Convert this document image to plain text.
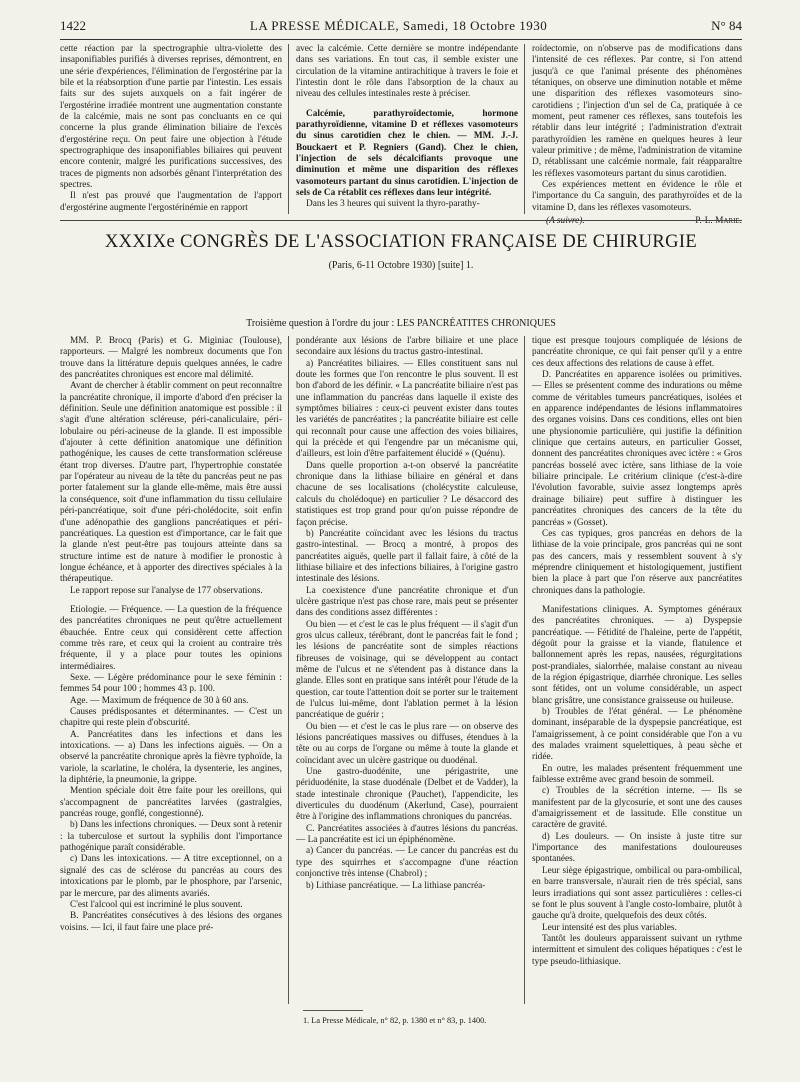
1422	LA PRESSE MÉDICALE, Samedi, 18 Octobre 1930	N° 84

cette réaction par la spectrographie ultra-violette des insaponifiables purifiés à diverses reprises, démontrent, en une série d'expériences, l'élimination de l'ergostérine par la bile et la réabsorption d'une partie par l'intestin. Les essais faits sur des sujets auxquels on a fait ingérer de l'ergostérine irradiée montrent une augmentation constante de la calcémie, mais ne sont pas concluants en ce qui concerne la plus grande élimination biliaire de l'excès d'ergostérine reçu. On peut faire une objection à l'étude spectrographique des insaponifiables biliaires qui peuvent encore contenir, malgré les purifications successives, des traces de pigments non adsorbés gênant l'interprétation des spectres.

Il n'est pas prouvé que l'augmentation de l'apport d'ergostérine augmente l'ergostérinémie en rapport

avec la calcémie. Cette dernière se montre indépendante dans ses variations. En tout cas, il semble exister une circulation de la vitamine antirachitique à travers le foie et l'intestin dont le rôle dans l'absorption de la chaux au niveau des cellules intestinales reste à préciser.

Calcémie, parathyroïdectomie, hormone parathyroïdienne, vitamine D et réflexes vasomoteurs du sinus carotidien chez le chien. — MM. J.-J. Bouckaert et P. Regniers (Gand). Chez le chien, l'injection de sels décalcifiants provoque une diminution et même une disparition des réflexes vasomoteurs partant du sinus carotidien. L'injection de sels de Ca rétablit ces réflexes dans leur intégrité.

Dans les 3 heures qui suivent la thyro-parathy-

roïdectomie, on n'observe pas de modifications dans l'intensité de ces réflexes. Par contre, si l'on attend jusqu'à ce que l'animal présente des phénomènes tétaniques, on observe une diminution notable et même une disparition des réflexes vasomoteurs sino-carotidiens ; l'injection d'un sel de Ca, pratiquée à ce moment, peut ramener ces réflexes, sans toutefois les rétablir dans leur intégrité ; l'administration d'extrait parathyroïdien les ramène en quelques heures à leur valeur primitive ; de même, l'administration de vitamine D, rétablissant une calcémie normale, fait réapparaître les réflexes vasomoteurs partant du sinus carotidien.

Ces expériences mettent en évidence le rôle et l'importance du Ca sanguin, des parathyroïdes et de la vitamine D, dans les réflexes vasomoteurs.

(A suivre).	P.-L. Marie.

XXXIXe CONGRÈS DE L'ASSOCIATION FRANÇAISE DE CHIRURGIE
(Paris, 6-11 Octobre 1930) [suite] 1.
Troisième question à l'ordre du jour : LES PANCRÉATITES CHRONIQUES

MM. P. Brocq (Paris) et G. Miginiac (Toulouse), rapporteurs. — Malgré les nombreux documents que l'on trouve dans la littérature depuis quelques années, le cadre des pancréatites chroniques est encore mal délimité.

Avant de chercher à établir comment on peut reconnaître la pancréatite chronique, il importe d'abord d'en préciser la définition. Seule une définition anatomique est possible : il s'agit d'une altération scléreuse, péri-canaliculaire, péri-lobulaire ou péri-acineuse de la glande. Il est impossible d'ajouter à cette définition anatomique une définition pathogénique, les causes de cette transformation scléreuse étant trop diverses. D'autre part, l'hypertrophie constatée par l'opérateur au niveau de la tête du pancréas peut ne pas porter fatalement sur la glande elle-même, mais être aussi la conséquence, soit d'une inflammation du tissu cellulaire péri-pancréatique, soit d'une péri-cholédocite, soit enfin d'une adénopathie des ganglions pancréatiques et péri-pancréatiques. La question est d'importance, car le fait que la glande n'est peut-être pas toujours atteinte dans sa structure intime est de nature à modifier le pronostic à longue échéance, et à apporter des directives spéciales à la thérapeutique.

Le rapport repose sur l'analyse de 177 observations.

Etiologie. — Fréquence. — La question de la fréquence des pancréatites chroniques ne peut qu'être actuellement ébauchée. Entre ceux qui considèrent cette affection comme très rare, et ceux qui la croient au contraire très fréquente, il y a place pour toutes les opinions intermédiaires.

Sexe. — Légère prédominance pour le sexe féminin : femmes 54 pour 100 ; hommes 43 p. 100.

Age. — Maximum de fréquence de 30 à 60 ans.

Causes prédisposantes et déterminantes. — C'est un chapitre qui reste plein d'obscurité.

A. Pancréatites dans les infections et dans les intoxications. — a) Dans les infections aiguës. — On a observé la pancréatite chronique après la fièvre typhoïde, la variole, la scarlatine, le choléra, la dysenterie, les angines, la diphtérie, la pneumonie, la grippe.

Mention spéciale doit être faite pour les oreillons, qui s'accompagnent de pancréatites larvées (gastralgies, pancréas rouge, gonflé, congestionné).

b) Dans les infections chroniques. — Deux sont à retenir : la tuberculose et surtout la syphilis dont l'importance pathogénique paraît considérable.

c) Dans les intoxications. — A titre exceptionnel, on a signalé des cas de sclérose du pancréas au cours des intoxications par le plomb, par le phosphore, par l'arsenic, par le mercure, par des aliments avariés.

C'est l'alcool qui est incriminé le plus souvent.

B. Pancréatites consécutives à des lésions des organes voisins. — Ici, il faut faire une place pré-

pondérante aux lésions de l'arbre biliaire et une place secondaire aux lésions du tractus gastro-intestinal.

a) Pancréatites biliaires. — Elles constituent sans nul doute les formes que l'on rencontre le plus souvent. Il est bon d'abord de les définir. « La pancréatite biliaire n'est pas une inflammation du pancréas dans laquelle il existe des symptômes biliaires : ceux-ci peuvent exister dans toutes les variétés de pancréatites ; la pancréatite biliaire est celle qui reconnaît pour cause une affection des voies biliaires, qui la précède et qui l'engendre par un mécanisme qui, d'ailleurs, est loin d'être parfaitement élucidé » (Quénu).

Dans quelle proportion a-t-on observé la pancréatite chronique dans la lithiase biliaire en général et dans chacune de ses localisations (cholécystite calculeuse, calculs du cholédoque) en particulier ? Le désaccord des statistiques est trop grand pour qu'on puisse répondre de façon précise.

b) Pancréatite coïncidant avec les lésions du tractus gastro-intestinal. — Brocq a montré, à propos des pancréatites aiguës, quelle part il fallait faire, à côté de la lithiase biliaire et des infections biliaires, à l'origine gastro intestinale des lésions.

La coexistence d'une pancréatite chronique et d'un ulcère gastrique n'est pas chose rare, mais peut se présenter dans des conditions assez différentes :

Ou bien — et c'est le cas le plus fréquent — il s'agit d'un gros ulcus calleux, térébrant, dont le pancréas fait le fond ; les lésions de pancréatite sont de simples réactions fibreuses de voisinage, qui se développent au contact même de l'ulcus et ne s'étendent pas à distance dans la glande. Elles sont en pratique sans intérêt pour l'étude de la question, car toute l'attention doit se porter sur le traitement de l'ulcus lui-même, dont l'ablation permet à la lésion pancréatique de guérir ;

Ou bien — et c'est le cas le plus rare — on observe des lésions pancréatiques massives ou diffuses, étendues à la tête ou au corps de l'organe ou même à toute la glande et coïncidant avec un ulcère gastrique ou duodénal.

Une gastro-duodénite, une périgastrite, une périduodénite, la stase duodénale (Delbet et de Vadder), la stade intestinale chronique (Pauchet), l'appendicite, les diverticules du duodénum (Akerlund, Case), pourraient être à l'origine des inflammations chroniques du pancréas.

C. Pancréatites associées à d'autres lésions du pancréas. — La pancréatite est ici un épiphénomène.

a) Cancer du pancréas. — Le cancer du pancréas est du type des squirrhes et s'accompagne d'une réaction conjonctive très intense (Chabrol) ;

b) Lithiase pancréatique. — La lithiase pancréa-

tique est presque toujours compliquée de lésions de pancréatite chronique, ce qui fait penser qu'il y a entre ces deux affections des relations de cause à effet.

D. Pancréatites en apparence isolées ou primitives. — Elles se présentent comme des indurations ou même comme de véritables tumeurs pancréatiques, isolées et en apparence indépendantes de lésions inflammatoires des organes voisins. Dans ces conditions, elles ont bien une physionomie particulière, qui justifie la définition clinique que certains auteurs, en particulier Gosset, donnent des pancréatites chroniques avec ictère : « Gros pancréas bosselé avec ictère, sans lithiase de la voie biliaire principale. Le critérium clinique (c'est-à-dire l'évolution favorable, suivie assez longtemps après drainage biliaire) peut suffire à distinguer les pancréatites chroniques des cancers de la tête du pancréas » (Gosset).

Ces cas typiques, gros pancréas en dehors de la lithiase de la voie principale, gros pancréas qui ne sont pas des cancers, mais y ressemblent souvent à s'y méprendre cliniquement et histologiquement, justifient bien la place à part que l'on réserve aux pancréatites chroniques dans la pathologie.

Manifestations cliniques. A. Symptomes généraux des pancréatites chroniques. — a) Dyspepsie pancréatique. — Fétidité de l'haleine, perte de l'appétit, dégoût pour la graisse et la viande, flatulence et ballonnement après les repas, nausées, régurgitations post-prandiales, sialorrhée, malaise constant au niveau de la région épigastrique, diarrhée chronique. Les selles sont fétides, ont un volume considérable, un aspect blanc grisâtre, une consistance graisseuse ou huileuse.

b) Troubles de l'état général. — Le phénomène dominant, inséparable de la dyspepsie pancréatique, est l'amaigrissement, à ce point considérable que l'on a vu des malades vraiment squelettiques, à peau sèche et ridée.

En outre, les malades présentent fréquemment une faiblesse extrême avec grand besoin de sommeil.

c) Troubles de la sécrétion interne. — Ils se manifestent par de la glycosurie, et sont une des causes d'amaigrissement et de lassitude. Elle constitue un caractère de gravité.

d) Les douleurs. — On insiste à juste titre sur l'importance des manifestations douloureuses spontanées.

Leur siège épigastrique, ombilical ou para-ombilical, en barre transversale, n'aurait rien de très spécial, sans leurs irradiations qui sont assez particulières : celles-ci se font le plus souvent à l'angle costo-lombaire, plutôt à gauche qu'à droite, quelquefois des deux côtés.

Leur intensité est des plus variables.

Tantôt les douleurs apparaissent suivant un rythme intermittent et simulent des coliques hépatiques : c'est le type pseudo-lithiasique.

1. La Presse Médicale, n° 82, p. 1380 et n° 83, p. 1400.
